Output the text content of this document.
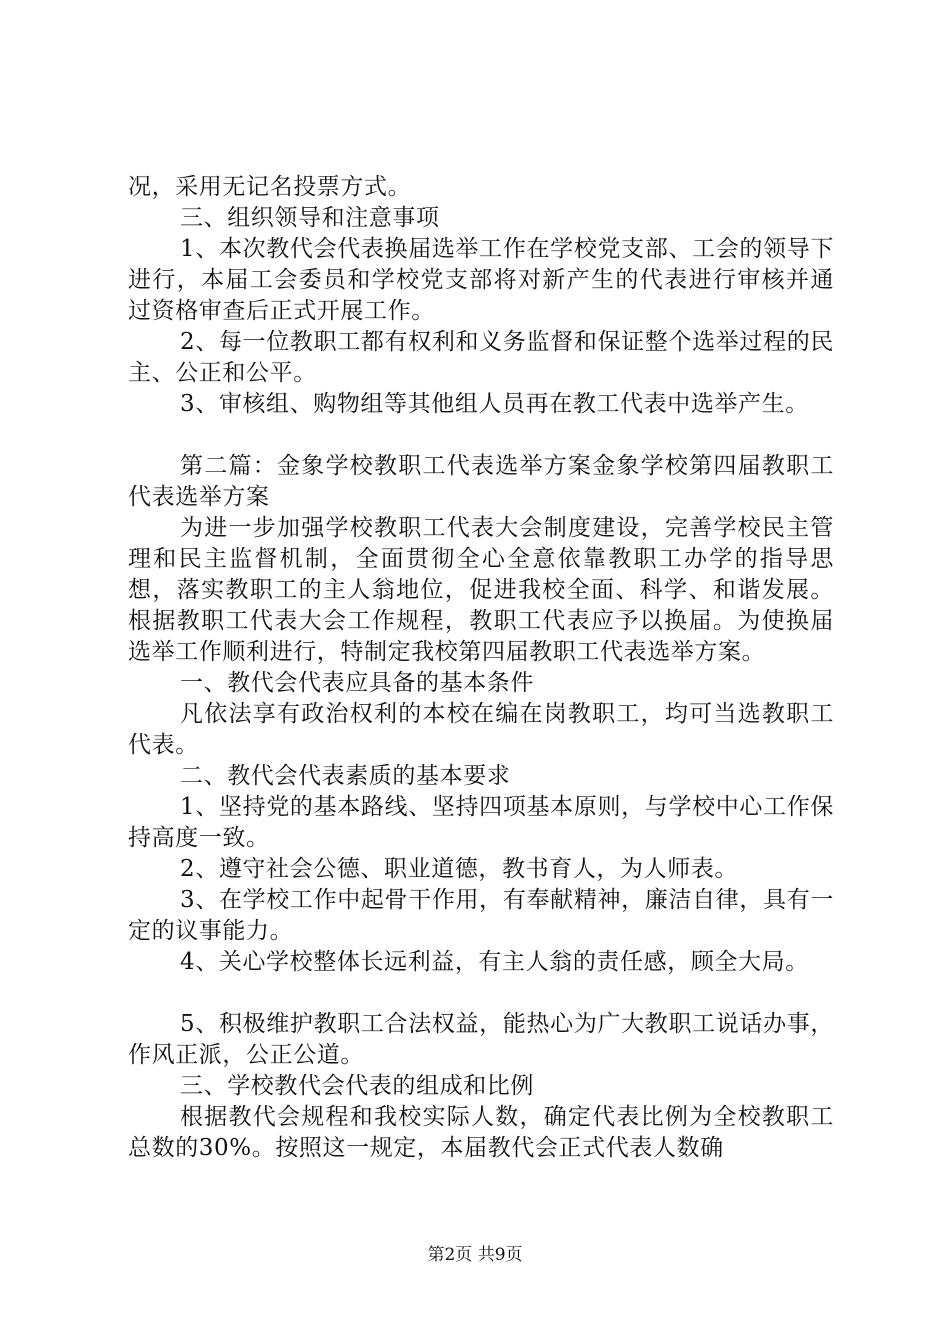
况，采用无记名投票方式。

三、组织领导和注意事项

1、本次教代会代表换届选举工作在学校党支部、工会的领导下进行，本届工会委员和学校党支部将对新产生的代表进行审核并通过资格审查后正式开展工作。

2、每一位教职工都有权利和义务监督和保证整个选举过程的民主、公正和公平。

3、审核组、购物组等其他组人员再在教工代表中选举产生。

第二篇：金象学校教职工代表选举方案金象学校第四届教职工代表选举方案

为进一步加强学校教职工代表大会制度建设，完善学校民主管理和民主监督机制，全面贯彻全心全意依靠教职工办学的指导思想，落实教职工的主人翁地位，促进我校全面、科学、和谐发展。根据教职工代表大会工作规程，教职工代表应予以换届。为使换届选举工作顺利进行，特制定我校第四届教职工代表选举方案。

一、教代会代表应具备的基本条件

凡依法享有政治权利的本校在编在岗教职工，均可当选教职工代表。

二、教代会代表素质的基本要求

1、坚持党的基本路线、坚持四项基本原则，与学校中心工作保持高度一致。

2、遵守社会公德、职业道德，教书育人，为人师表。

3、在学校工作中起骨干作用，有奉献精神，廉洁自律，具有一定的议事能力。

4、关心学校整体长远利益，有主人翁的责任感，顾全大局。

5、积极维护教职工合法权益，能热心为广大教职工说话办事，作风正派，公正公道。

三、学校教代会代表的组成和比例

根据教代会规程和我校实际人数，确定代表比例为全校教职工总数的30%。按照这一规定，本届教代会正式代表人数确

第2页 共9页
